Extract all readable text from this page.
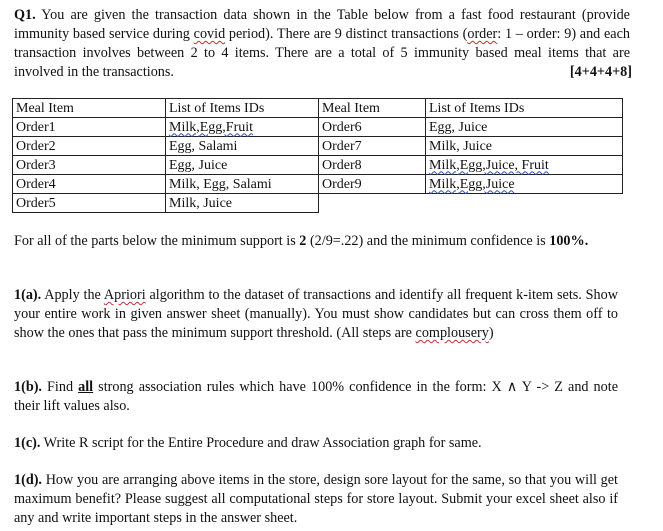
Q1. You are given the transaction data shown in the Table below from a fast food restaurant (provide immunity based service during covid period). There are 9 distinct transactions (order: 1 – order: 9) and each transaction involves between 2 to 4 items. There are a total of 5 immunity based meal items that are involved in the transactions.	[4+4+4+8]
Meal Item	List of Items IDs	Meal Item	List of Items IDs
Order1	Milk,Egg,Fruit	Order6	Egg, Juice
Order2	Egg, Salami	Order7	Milk, Juice
Order3	Egg, Juice	Order8	Milk,Egg,Juice, Fruit
Order4	Milk, Egg, Salami	Order9	Milk,Egg,Juice
Order5	Milk, Juice		
For all of the parts below the minimum support is 2 (2/9=.22) and the minimum confidence is 100%.
1(a). Apply the Apriori algorithm to the dataset of transactions and identify all frequent k-item sets. Show your entire work in given answer sheet (manually). You must show candidates but can cross them off to show the ones that pass the minimum support threshold. (All steps are complousery)
1(b). Find all strong association rules which have 100% confidence in the form: X ∧ Y -> Z and note their lift values also.
1(c). Write R script for the Entire Procedure and draw Association graph for same.
1(d). How you are arranging above items in the store, design sore layout for the same, so that you will get maximum benefit? Please suggest all computational steps for store layout. Submit your excel sheet also if any and write important steps in the answer sheet.
